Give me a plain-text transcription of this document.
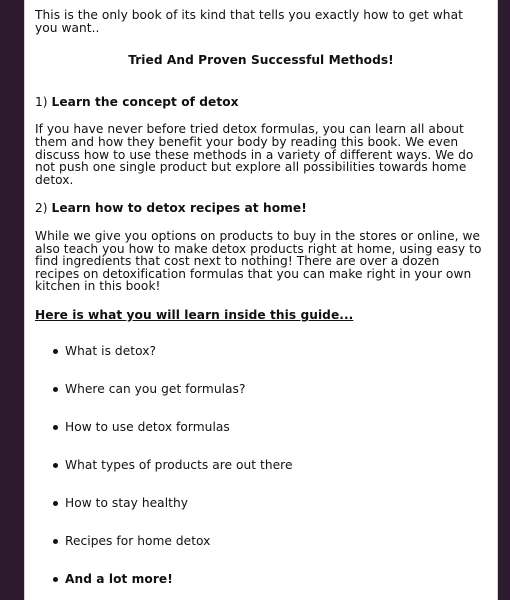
This is the only book of its kind that tells you exactly how to get what you want..

Tried And Proven Successful Methods!

1) Learn the concept of detox

If you have never before tried detox formulas, you can learn all about them and how they benefit your body by reading this book. We even discuss how to use these methods in a variety of different ways. We do not push one single product but explore all possibilities towards home detox.

2) Learn how to detox recipes at home!

While we give you options on products to buy in the stores or online, we also teach you how to make detox products right at home, using easy to find ingredients that cost next to nothing! There are over a dozen recipes on detoxification formulas that you can make right in your own kitchen in this book!

Here is what you will learn inside this guide...

What is detox?
Where can you get formulas?
How to use detox formulas
What types of products are out there
How to stay healthy
Recipes for home detox
And a lot more!
